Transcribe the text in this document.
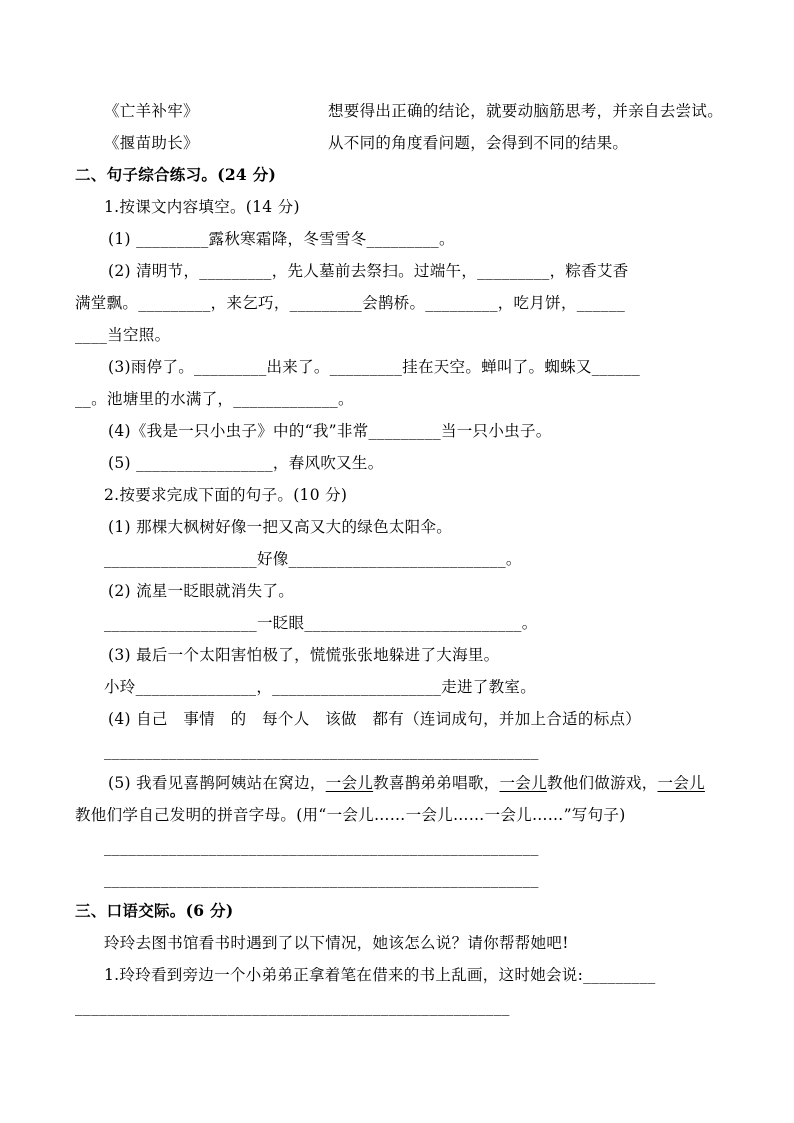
《亡羊补牢》	想要得出正确的结论，就要动脑筋思考，并亲自去尝试。
《揠苗助长》	从不同的角度看问题，会得到不同的结果。
二、句子综合练习。(24 分)
1.按课文内容填空。(14 分)
(1) _________露秋寒霜降，冬雪雪冬_________。
(2) 清明节，_________，先人墓前去祭扫。过端午，_________，粽香艾香
满堂飘。_________，来乞巧，_________会鹊桥。_________，吃月饼，______
____当空照。
(3)雨停了。_________出来了。_________挂在天空。蝉叫了。蜘蛛又______
__。池塘里的水满了，_____________。
(4)《我是一只小虫子》中的“我”非常_________当一只小虫子。
(5) _________________，春风吹又生。
2.按要求完成下面的句子。(10 分)
(1) 那棵大枫树好像一把又高又大的绿色太阳伞。
___________________好像___________________________。
(2) 流星一眨眼就消失了。
___________________一眨眼___________________________。
(3) 最后一个太阳害怕极了，慌慌张张地躲进了大海里。
小玲_______________，_____________________走进了教室。
(4) 自己   事情   的   每个人   该做   都有（连词成句，并加上合适的标点）
______________________________________________________
(5) 我看见喜鹊阿姨站在窝边，一会儿教喜鹊弟弟唱歌，一会儿教他们做游戏，一会儿
教他们学自己发明的拼音字母。(用“一会儿……一会儿……一会儿……”写句子)
______________________________________________________
______________________________________________________
三、口语交际。(6 分)
玲玲去图书馆看书时遇到了以下情况，她该怎么说？请你帮帮她吧!
1.玲玲看到旁边一个小弟弟正拿着笔在借来的书上乱画，这时她会说:_________
______________________________________________________
